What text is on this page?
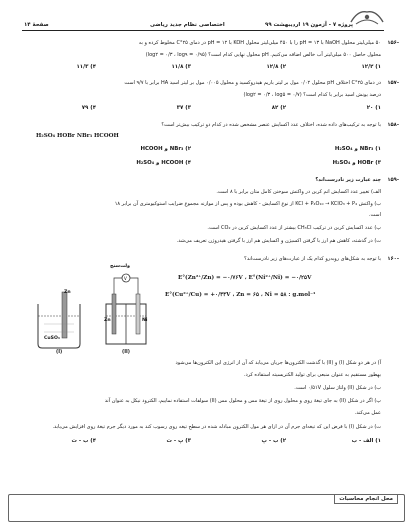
پروژه ۷ - آزمون ۱۹ اردیبهشت ۹۹
اختصاصی نظام جدید ریاضی
صفحهٔ ۱۴
-۱۵۶
۵۰ میلی‌لیتر محلول NaOH با pH = ۱۳ را با ۴۵۰ میلی‌لیتر محلول KOH با pH = ۱۲ در دمای ۲۵°C مخلوط کرده و به
محلول حاصل ۵۰۰ میلی‌لیتر آب خالص اضافه می‌کنیم. pH محلول نهایی کدام است؟ (log۲ = ۰/۳ ، log۹ = ۰/۹۵)
۱) ۱۲/۲
۲) ۱۲/۸
۳) ۱۱/۸
۴) ۱۱/۳
-۱۵۷
در دمای ۲۵°C اختلاف pH محلول ۰/۰۲ مول بر لیتر باریم هیدروکسید و محلول ۰/۰۰۵ مول بر لیتر اسید HA برابر با ۹/۷ است
درصد یونش اسید برابر با کدام است؟ (log۲ = ۰/۳ ، log۵ = ۰/۷)
۱) ۲۰
۲) ۸۲
۳) ۳۷
۴) ۷۹
-۱۵۸
با توجه به ترکیب‌های داده شده، اختلاف عدد اکسایش عنصر مشخص شده در کدام دو ترکیب بیش‌تر است؟
H₂SO₄ HOBr NBr₃ HCOOH
۱) NBr₃ و H₂SO₄
۲) NBr₃ و HCOOH
۳) HOBr و H₂SO₄
۴) HCOOH و H₂SO₄
-۱۵۹
چند عبارت زیر نادرست‌اند؟
الف) تغییر عدد اکسایش اتم کربن در واکنش سوختن کامل متان برابر با ۸ است.
ب) واکنش KCl + P₄O₁₀ → KClO₃ + P₄ از نوع اکسایش - کاهش بوده و پس از موازنه مجموع ضرایب استوکیومتری آن برابر ۱۸
است.
پ) عدد اکسایش کربن در ترکیب CH₃Cl بیشتر از عدد اکسایش کربن در CO₂ است.
ت) در گذشته، کاهش هم ارز با گرفتن اکسیژن و اکسایش هم ارز با گرفتن هیدروژن تعریف می‌شد.
-۱۶۰
با توجه به شکل‌های روبه‌رو کدام یک از عبارت‌های زیر نادرست‌اند؟
E°(Zn²⁺/Zn) = −۰/۷۶V ، E°(Ni²⁺/Ni) = −۰/۲۵V
E°(Cu²⁺/Cu) = +۰/۳۴V ، Zn = ۶۵ ، Ni = ۵۸ : g.mol⁻¹
V
ولت‌سنج
CuSO₄
Zn
Zn	Ni
(I)	(II)
آ) در هر دو شکل (I) و (II) با گذشت الکترون‌ها جریان می‌یابد که آن از انرژی این الکترون‌ها می‌شود
بهطور مستقیم به عنوان منبعی برای تولید الکتریسیته استفاده کرد.
ب) در شکل (II) ولتاژ سلول ۰/۵۱V است.
پ) اگر در شکل (II) به جای تیغهٔ روی و محلول روی از تیغهٔ مس و محلول مس (II) سولفات استفاده نماییم، الکترود نیکل به عنوان آند
عمل می‌کند.
ت) در شکل (I) با فرض این که تیغه‌ای جرم آن در ازای هر مول الکترون مبادله شده در سطح تیغه روی رسوب کند به مورد دیگر جرم تیغهٔ روی افزایش می‌یابد.
۱) الف - ب
۲) ب - پ
۳) پ - ت
۴) ب - ت
محل انجام محاسبات
